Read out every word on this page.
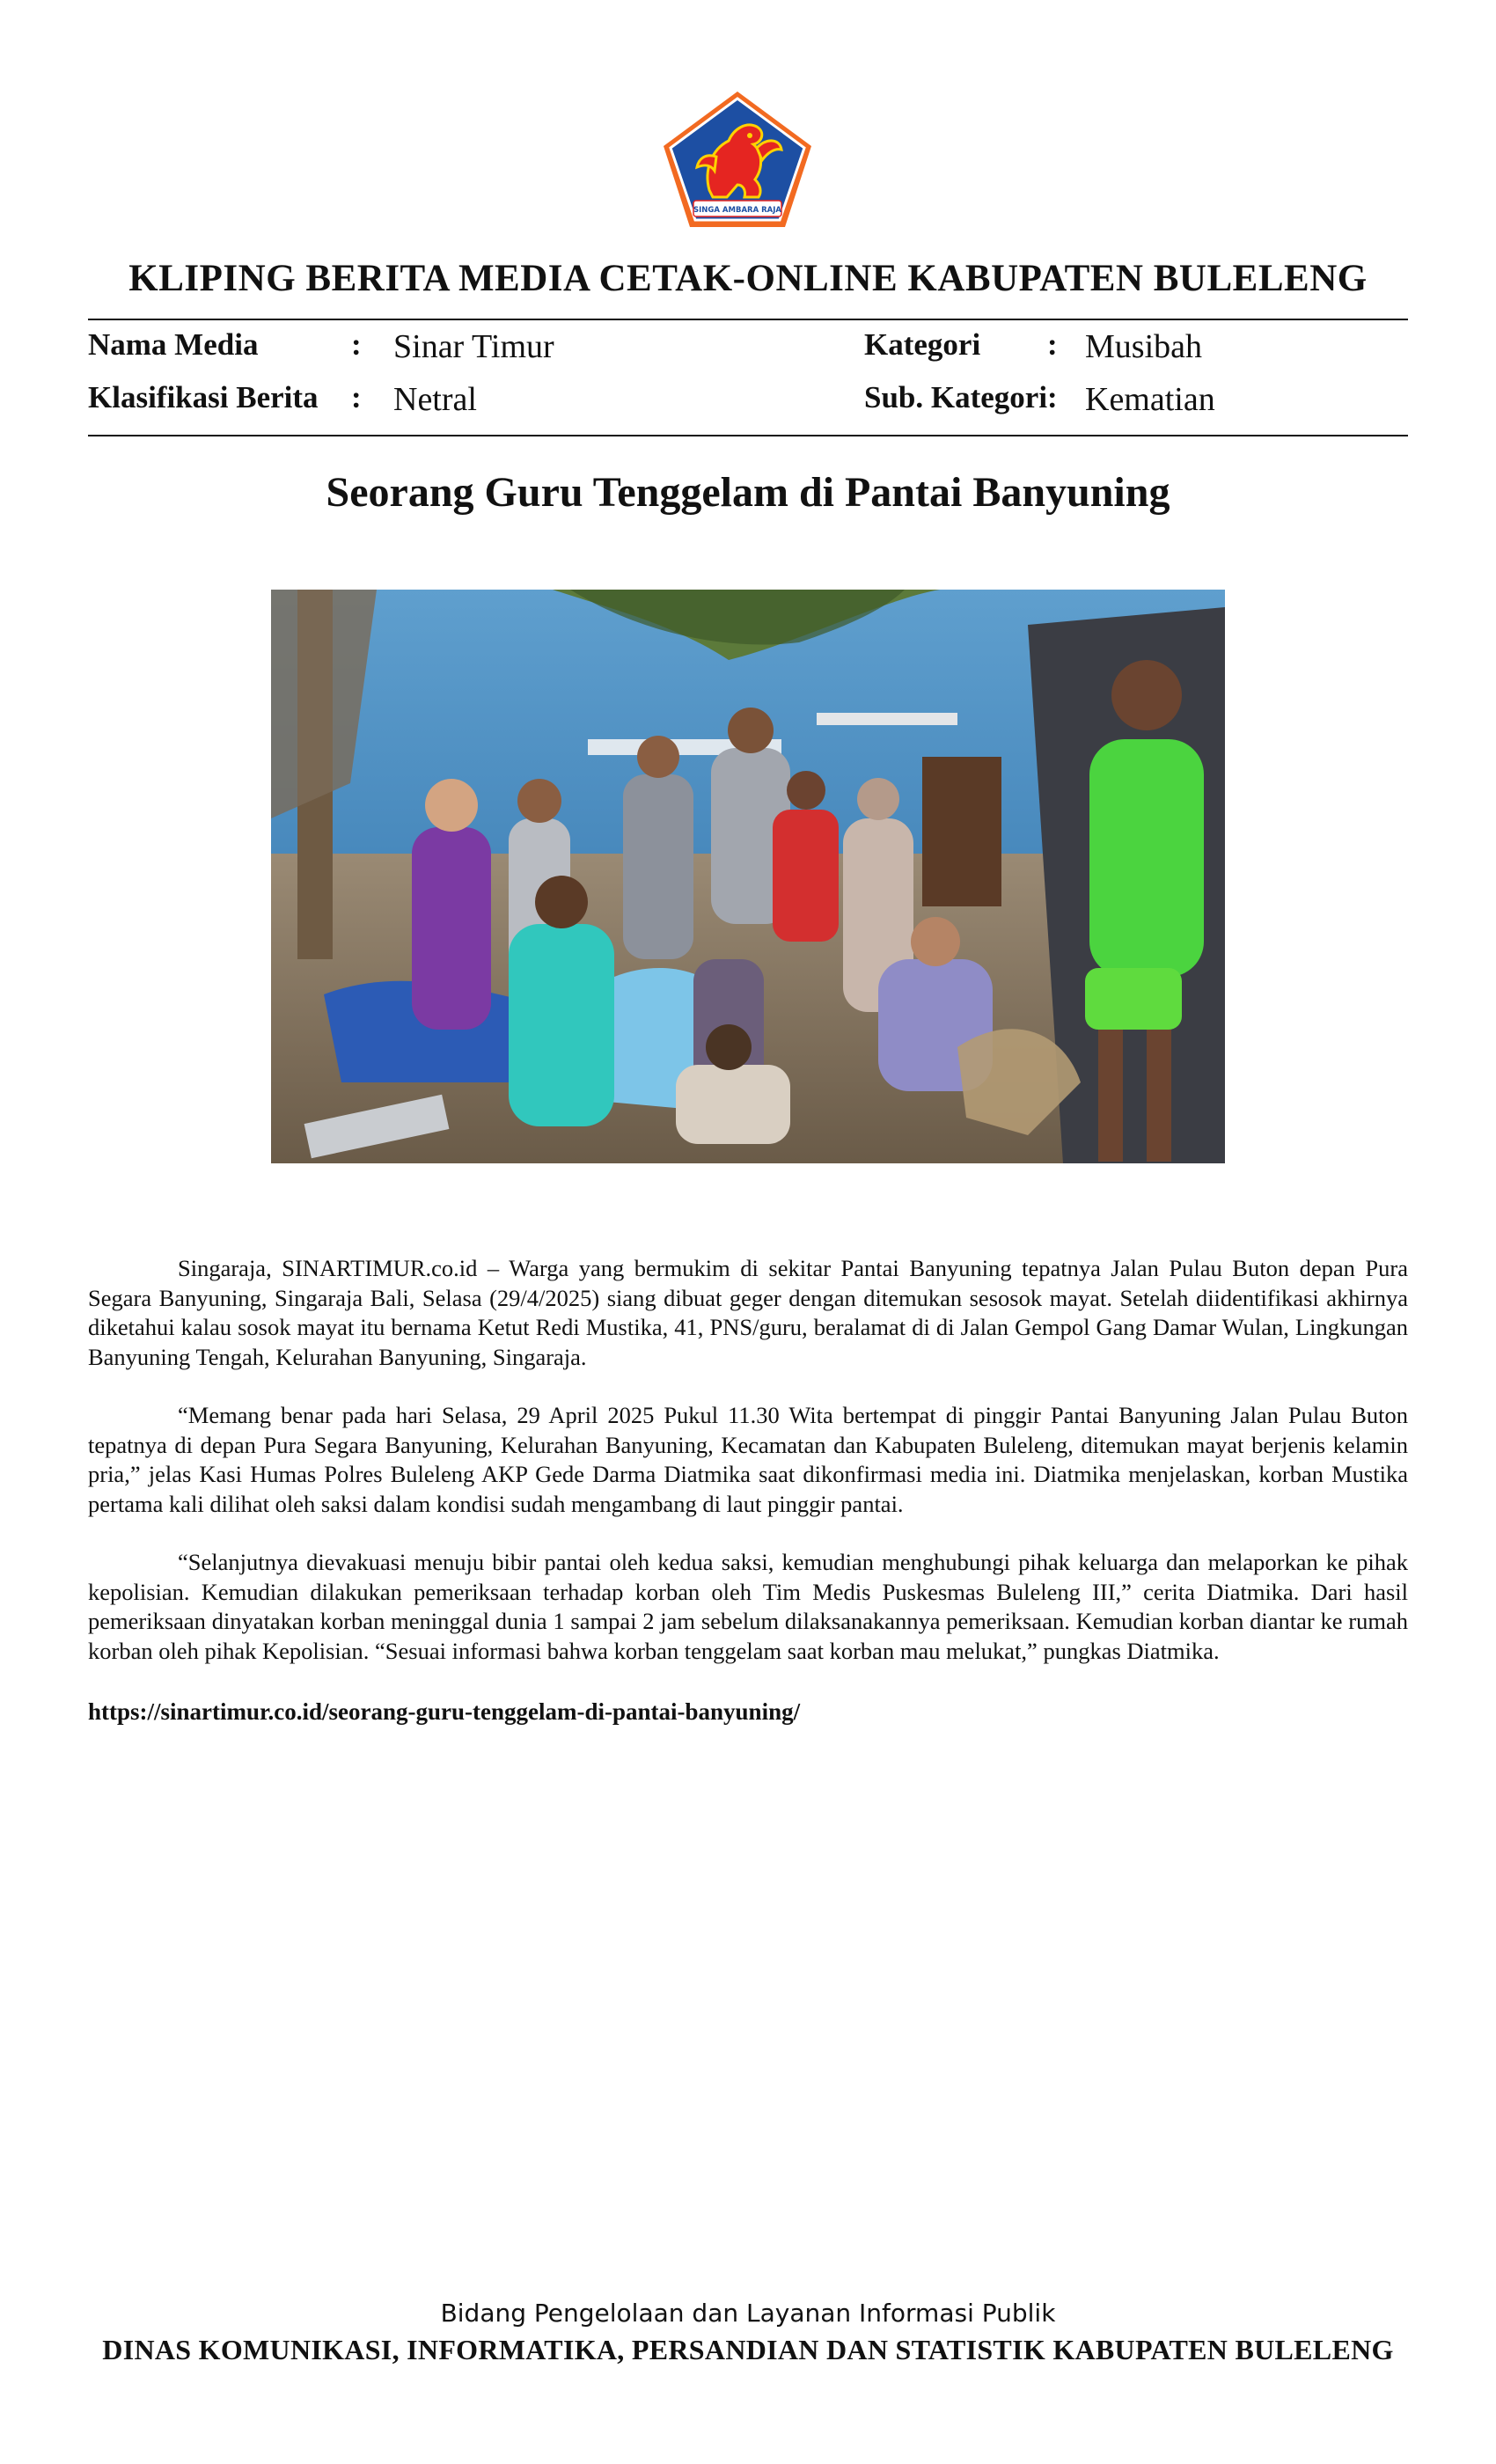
SINGA AMBARA RAJA
KLIPING BERITA MEDIA CETAK-ONLINE KABUPATEN BULELENG
Nama Media	: Sinar Timur
Klasifikasi Berita : Netral
Kategori : Musibah
Sub. Kategori : Kematian
Seorang Guru Tenggelam di Pantai Banyuning

Singaraja, SINARTIMUR.co.id – Warga yang bermukim di sekitar Pantai Banyuning tepatnya Jalan Pulau Buton depan Pura Segara Banyuning, Singaraja Bali, Selasa (29/4/2025) siang dibuat geger dengan ditemukan sesosok mayat. Setelah diidentifikasi akhirnya diketahui kalau sosok mayat itu bernama Ketut Redi Mustika, 41, PNS/guru, beralamat di di Jalan Gempol Gang Damar Wulan, Lingkungan Banyuning Tengah, Kelurahan Banyuning, Singaraja.

“Memang benar pada hari Selasa, 29 April 2025 Pukul 11.30 Wita bertempat di pinggir Pantai Banyuning Jalan Pulau Buton tepatnya di depan Pura Segara Banyuning, Kelurahan Banyuning, Kecamatan dan Kabupaten Buleleng, ditemukan mayat berjenis kelamin pria,” jelas Kasi Humas Polres Buleleng AKP Gede Darma Diatmika saat dikonfirmasi media ini. Diatmika menjelaskan, korban Mustika pertama kali dilihat oleh saksi dalam kondisi sudah mengambang di laut pinggir pantai.

“Selanjutnya dievakuasi menuju bibir pantai oleh kedua saksi, kemudian menghubungi pihak keluarga dan melaporkan ke pihak kepolisian. Kemudian dilakukan pemeriksaan terhadap korban oleh Tim Medis Puskesmas Buleleng III,” cerita Diatmika. Dari hasil pemeriksaan dinyatakan korban meninggal dunia 1 sampai 2 jam sebelum dilaksanakannya pemeriksaan. Kemudian korban diantar ke rumah korban oleh pihak Kepolisian. “Sesuai informasi bahwa korban tenggelam saat korban mau melukat,” pungkas Diatmika.

https://sinartimur.co.id/seorang-guru-tenggelam-di-pantai-banyuning/
Bidang Pengelolaan dan Layanan Informasi Publik
DINAS KOMUNIKASI, INFORMATIKA, PERSANDIAN DAN STATISTIK KABUPATEN BULELENG
